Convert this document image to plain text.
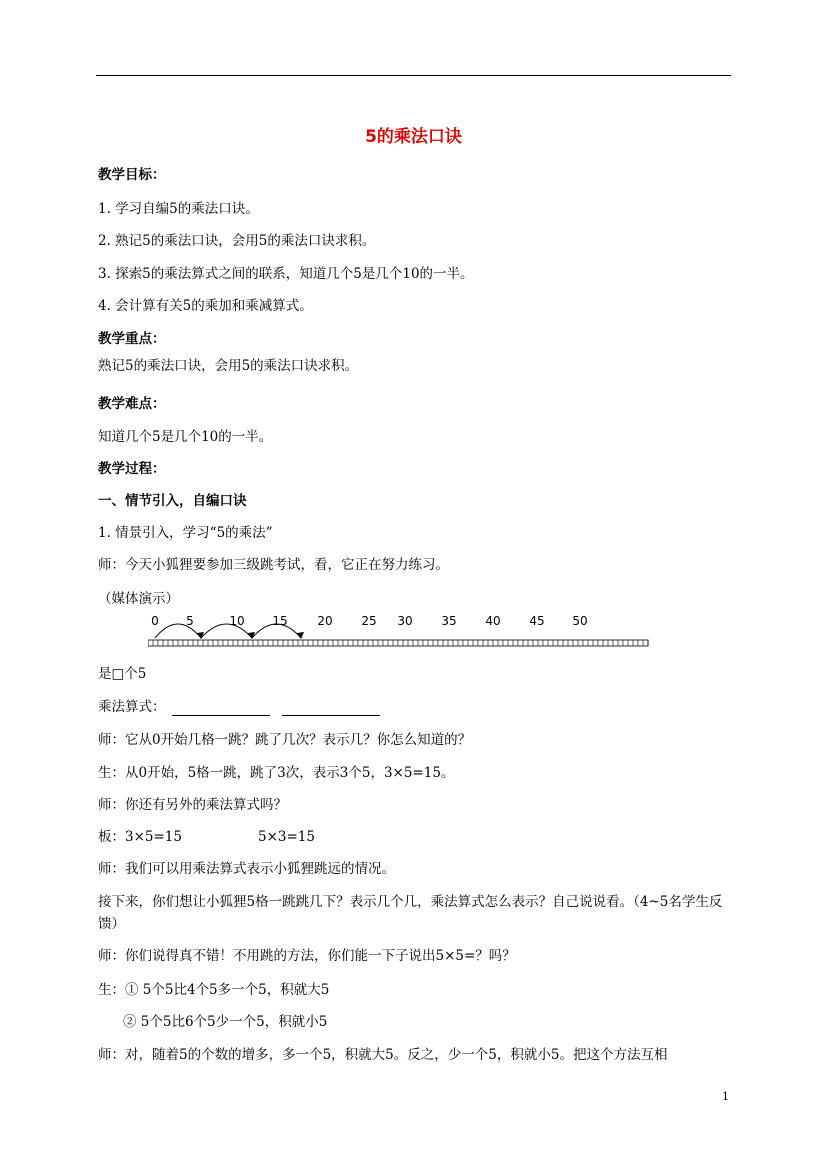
5的乘法口诀
教学目标：
1. 学习自编5的乘法口诀。
2. 熟记5的乘法口诀，会用5的乘法口诀求积。
3. 探索5的乘法算式之间的联系，知道几个5是几个10的一半。
4. 会计算有关5的乘加和乘减算式。
教学重点：
熟记5的乘法口诀，会用5的乘法口诀求积。
教学难点：
知道几个5是几个10的一半。
教学过程：
一、情节引入，自编口诀
1. 情景引入，学习“5的乘法”
师：今天小狐狸要参加三级跳考试，看，它正在努力练习。
（媒体演示）
0 5	10 15 20 25 30 35 40 45 50
是□个5
乘法算式：
师：它从0开始几格一跳？跳了几次？表示几？你怎么知道的？
生：从0开始，5格一跳，跳了3次，表示3个5，3×5=15。
师：你还有另外的乘法算式吗？
板：3×5=15	5×3=15
师：我们可以用乘法算式表示小狐狸跳远的情况。
接下来，你们想让小狐狸5格一跳跳几下？表示几个几，乘法算式怎么表示？自己说说看。（4~5名学生反馈）
师：你们说得真不错！不用跳的方法，你们能一下子说出5×5=？吗？
生：① 5个5比4个5多一个5，积就大5
② 5个5比6个5少一个5，积就小5
师：对，随着5的个数的增多，多一个5，积就大5。反之，少一个5，积就小5。把这个方法互相
1
